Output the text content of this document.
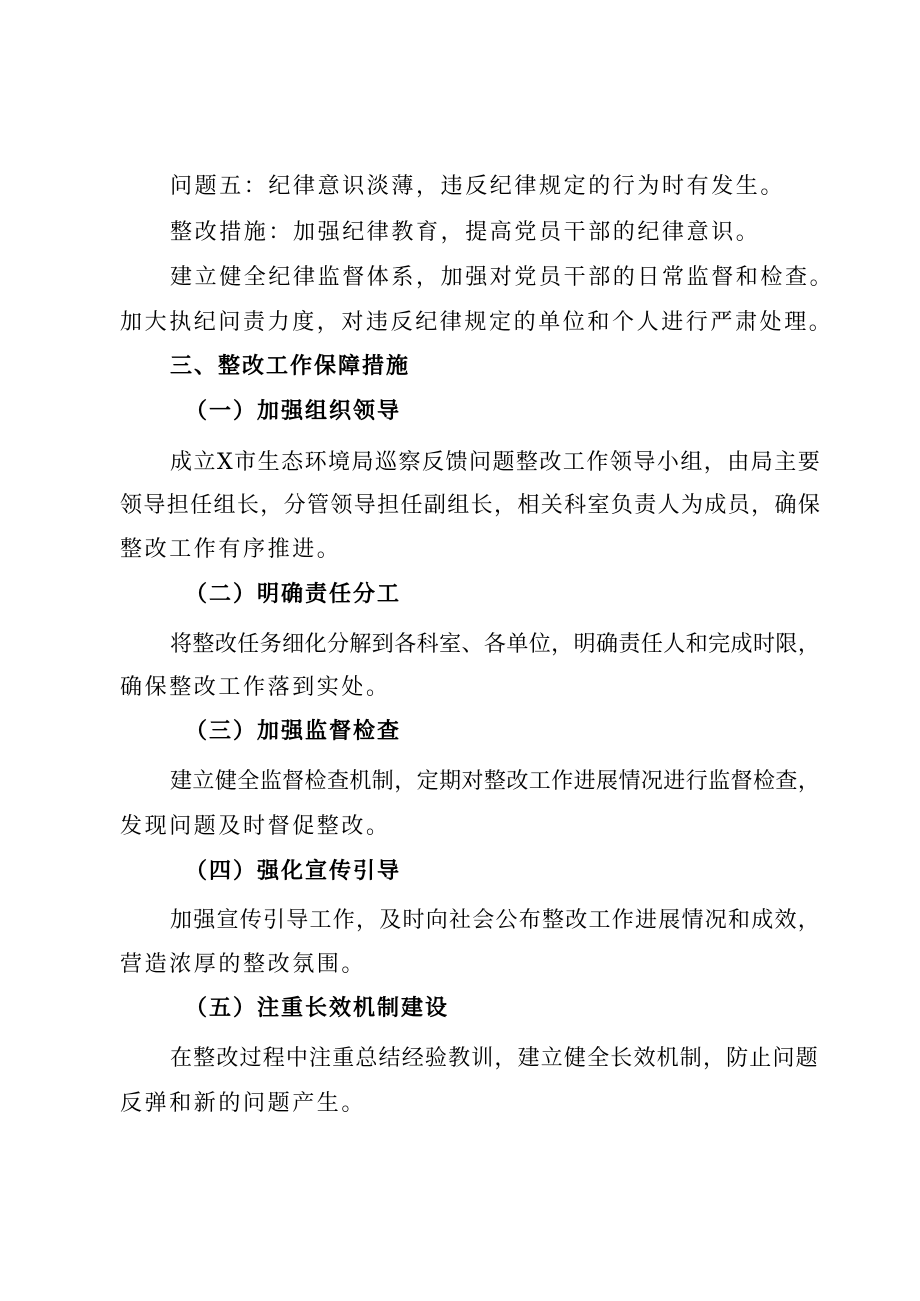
问题五：纪律意识淡薄，违反纪律规定的行为时有发生。
整改措施：加强纪律教育，提高党员干部的纪律意识。
建立健全纪律监督体系，加强对党员干部的日常监督和检查。
加大执纪问责力度，对违反纪律规定的单位和个人进行严肃处理。
三、整改工作保障措施
（一）加强组织领导
成 立 X 市 生 态 环 境 局 巡 察 反 馈 问 题 整 改 工 作 领 导 小 组 ， 由 局 主 要
领 导 担 任 组 长 ， 分 管 领 导 担 任 副 组 长 ， 相 关 科 室 负 责 人 为 成 员 ， 确 保
整改工作有序推进。
（二）明确责任分工
将 整 改 任 务 细 化 分 解 到 各 科 室 、 各 单 位 ， 明 确 责 任 人 和 完 成 时 限 ，
确保整改工作落到实处。
（三）加强监督检查
建 立 健 全 监 督 检 查 机 制 ， 定 期 对 整 改 工 作 进 展 情 况 进 行 监 督 检 查 ，
发现问题及时督促整改。
（四）强化宣传引导
加 强 宣 传 引 导 工 作 ， 及 时 向 社 会 公 布 整 改 工 作 进 展 情 况 和 成 效 ，
营造浓厚的整改氛围。
（五）注重长效机制建设
在 整 改 过 程 中 注 重 总 结 经 验 教 训 ， 建 立 健 全 长 效 机 制 ， 防 止 问 题
反弹和新的问题产生。
